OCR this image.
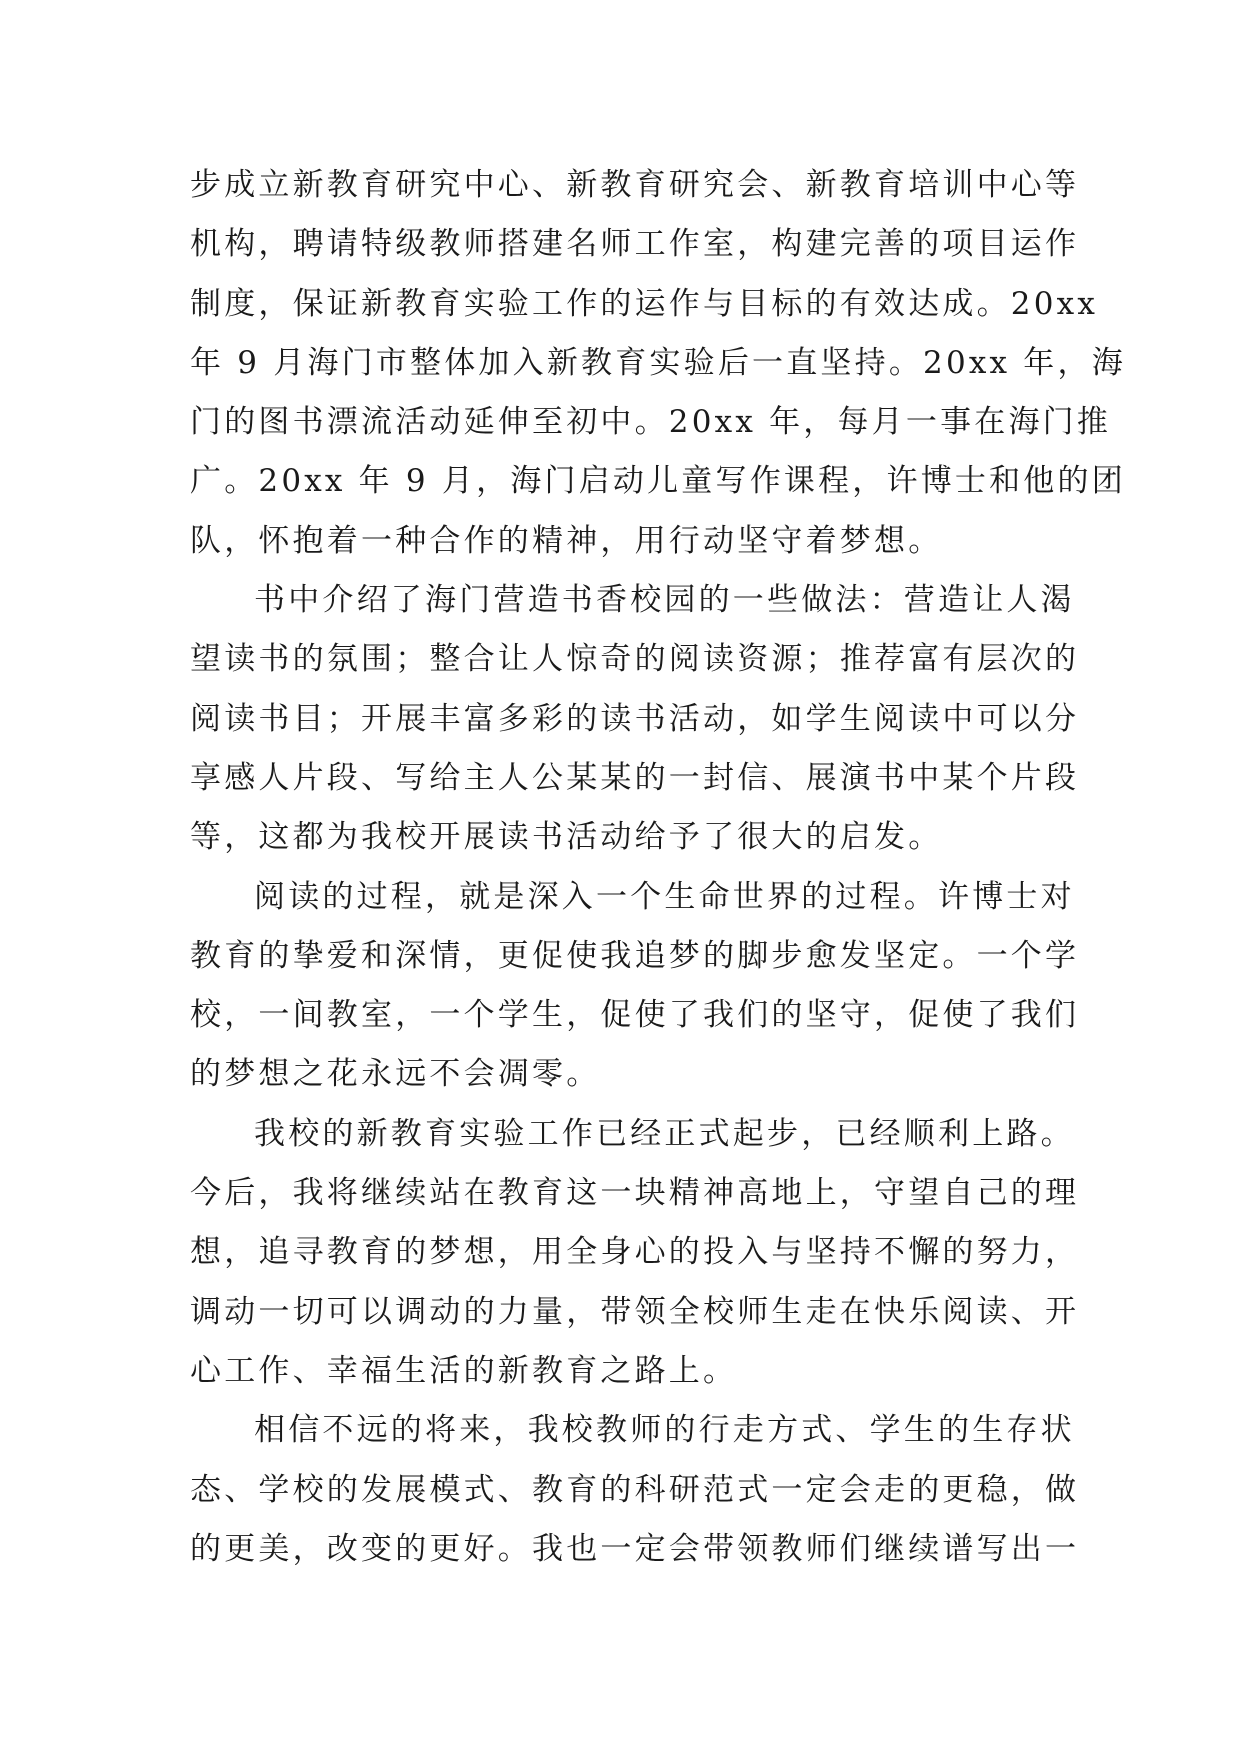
步成立新教育研究中心、新教育研究会、新教育培训中心等
机构，聘请特级教师搭建名师工作室，构建完善的项目运作
制度，保证新教育实验工作的运作与目标的有效达成。20xx
年 9 月海门市整体加入新教育实验后一直坚持。20xx 年，海
门的图书漂流活动延伸至初中。20xx 年，每月一事在海门推
广。20xx 年 9 月，海门启动儿童写作课程，许博士和他的团
队，怀抱着一种合作的精神，用行动坚守着梦想。
书中介绍了海门营造书香校园的一些做法：营造让人渴
望读书的氛围；整合让人惊奇的阅读资源；推荐富有层次的
阅读书目；开展丰富多彩的读书活动，如学生阅读中可以分
享感人片段、写给主人公某某的一封信、展演书中某个片段
等，这都为我校开展读书活动给予了很大的启发。
阅读的过程，就是深入一个生命世界的过程。许博士对
教育的挚爱和深情，更促使我追梦的脚步愈发坚定。一个学
校，一间教室，一个学生，促使了我们的坚守，促使了我们
的梦想之花永远不会凋零。
我校的新教育实验工作已经正式起步，已经顺利上路。
今后，我将继续站在教育这一块精神高地上，守望自己的理
想，追寻教育的梦想，用全身心的投入与坚持不懈的努力，
调动一切可以调动的力量，带领全校师生走在快乐阅读、开
心工作、幸福生活的新教育之路上。
相信不远的将来，我校教师的行走方式、学生的生存状
态、学校的发展模式、教育的科研范式一定会走的更稳，做
的更美，改变的更好。我也一定会带领教师们继续谱写出一
